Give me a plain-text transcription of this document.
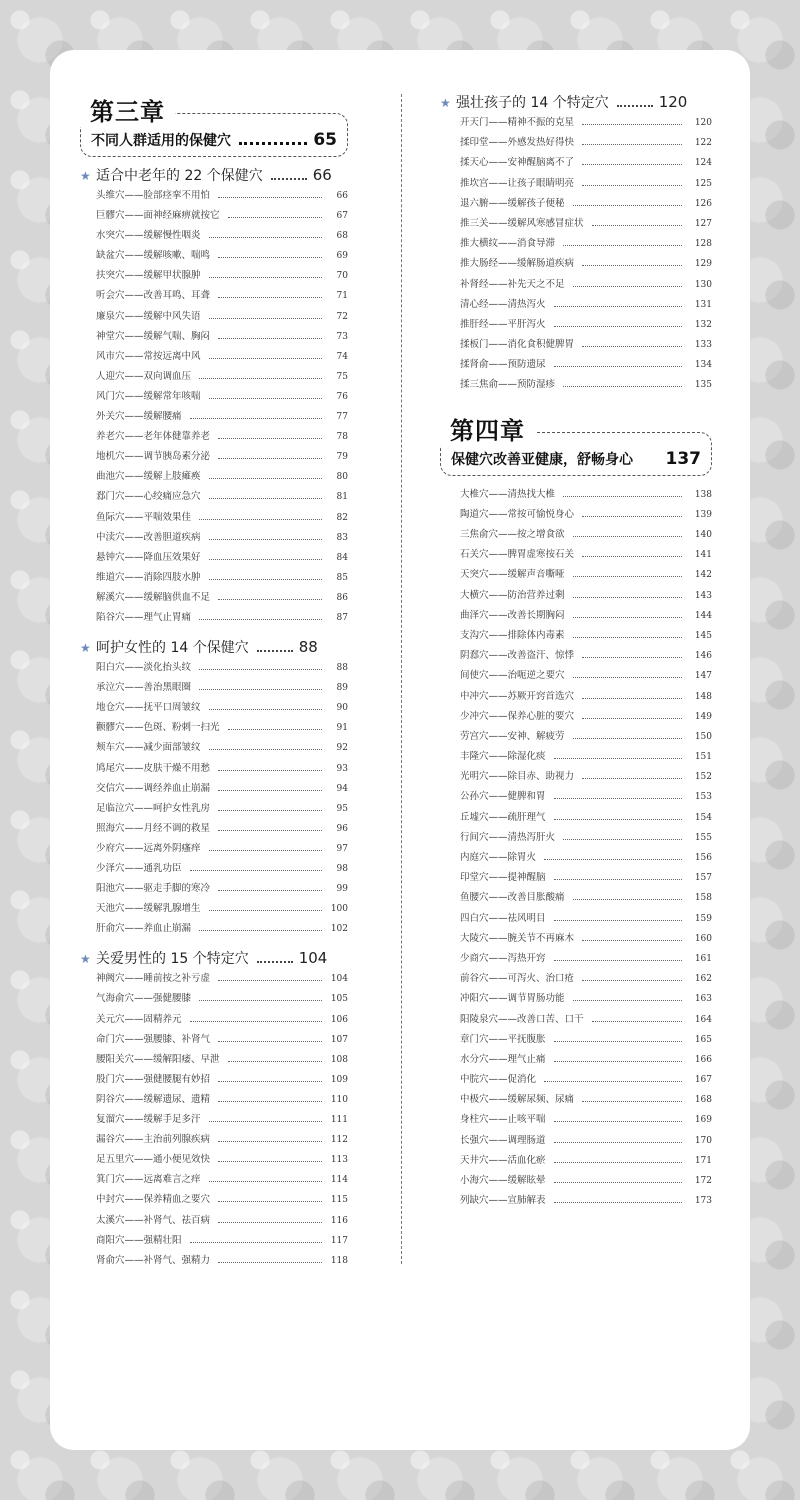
第三章
不同人群适用的保健穴	65
★ 适合中老年的 22 个保健穴	66
头维穴——脸部痉挛不用怕	66
巨髎穴——面神经麻痹就按它	67
水突穴——缓解慢性咽炎	68
缺盆穴——缓解咳嗽、喘鸣	69
扶突穴——缓解甲状腺肿	70
听会穴——改善耳鸣、耳聋	71
廉泉穴——缓解中风失语	72
神堂穴——缓解气喘、胸闷	73
风市穴——常按远离中风	74
人迎穴——双向调血压	75
风门穴——缓解常年咳喘	76
外关穴——缓解腰痛	77
养老穴——老年体健靠养老	78
地机穴——调节胰岛素分泌	79
曲池穴——缓解上肢瘫痪	80
郄门穴——心绞痛应急穴	81
鱼际穴——平喘效果佳	82
中渎穴——改善胆道疾病	83
悬钟穴——降血压效果好	84
维道穴——消除四肢水肿	85
解溪穴——缓解脑供血不足	86
陷谷穴——理气止胃痛	87
★ 呵护女性的 14 个保健穴	88
阳白穴——淡化抬头纹	88
承泣穴——善治黑眼圈	89
地仓穴——抚平口周皱纹	90
颧髎穴——色斑、粉刺一扫光	91
颊车穴——减少面部皱纹	92
鸠尾穴——皮肤干燥不用愁	93
交信穴——调经养血止崩漏	94
足临泣穴——呵护女性乳房	95
照海穴——月经不调的救星	96
少府穴——远离外阴瘙痒	97
少泽穴——通乳功臣	98
阳池穴——驱走手脚的寒冷	99
天池穴——缓解乳腺增生	100
肝俞穴——养血止崩漏	102
★ 关爱男性的 15 个特定穴	104
神阙穴——睡前按之补亏虚	104
气海俞穴——强健腰膝	105
关元穴——固精养元	106
命门穴——强腰膝、补肾气	107
腰阳关穴——缓解阳痿、早泄	108
殷门穴——强健腰腿有妙招	109
阴谷穴——缓解遗尿、遗精	110
复溜穴——缓解手足多汗	111
漏谷穴——主治前列腺疾病	112
足五里穴——通小便见效快	113
箕门穴——远离难言之痒	114
中封穴——保养精血之要穴	115
太溪穴——补肾气、祛百病	116
商阳穴——强精壮阳	117
肾俞穴——补肾气、强精力	118
★ 强壮孩子的 14 个特定穴	120
开天门——精神不振的克星	120
揉印堂——外感发热好得快	122
揉天心——安神醒脑离不了	124
推坎宫——让孩子眼睛明亮	125
退六腑——缓解孩子便秘	126
推三关——缓解风寒感冒症状	127
推大横纹——消食导滞	128
推大肠经——缓解肠道疾病	129
补肾经——补先天之不足	130
清心经——清热泻火	131
推肝经——平肝泻火	132
揉板门——消化食积健脾胃	133
揉肾俞——预防遗尿	134
揉三焦俞——预防湿疹	135
第四章
保健穴改善亚健康，舒畅身心 137
大椎穴——清热找大椎	138
陶道穴——常按可愉悦身心	139
三焦俞穴——按之增食欲	140
石关穴——脾胃虚寒按石关	141
天突穴——缓解声音嘶哑	142
大横穴——防治营养过剩	143
曲泽穴——改善长期胸闷	144
支沟穴——排除体内毒素	145
阴郄穴——改善盗汗、惊悸	146
间使穴——治呃逆之要穴	147
中冲穴——苏厥开窍首选穴	148
少冲穴——保养心脏的要穴	149
劳宫穴——安神、解疲劳	150
丰隆穴——除湿化痰	151
光明穴——除目赤、助视力	152
公孙穴——健脾和胃	153
丘墟穴——疏肝理气	154
行间穴——清热泻肝火	155
内庭穴——除胃火	156
印堂穴——提神醒脑	157
鱼腰穴——改善目胀酸痛	158
四白穴——祛风明目	159
大陵穴——腕关节不再麻木	160
少商穴——泻热开窍	161
前谷穴——可泻火、治口疮	162
冲阳穴——调节胃肠功能	163
阳陵泉穴——改善口苦、口干	164
章门穴——平抚腹胀	165
水分穴——理气止痛	166
中脘穴——促消化	167
中极穴——缓解尿频、尿痛	168
身柱穴——止咳平喘	169
长强穴——调理肠道	170
天井穴——活血化瘀	171
小海穴——缓解眩晕	172
列缺穴——宣肺解表	173
